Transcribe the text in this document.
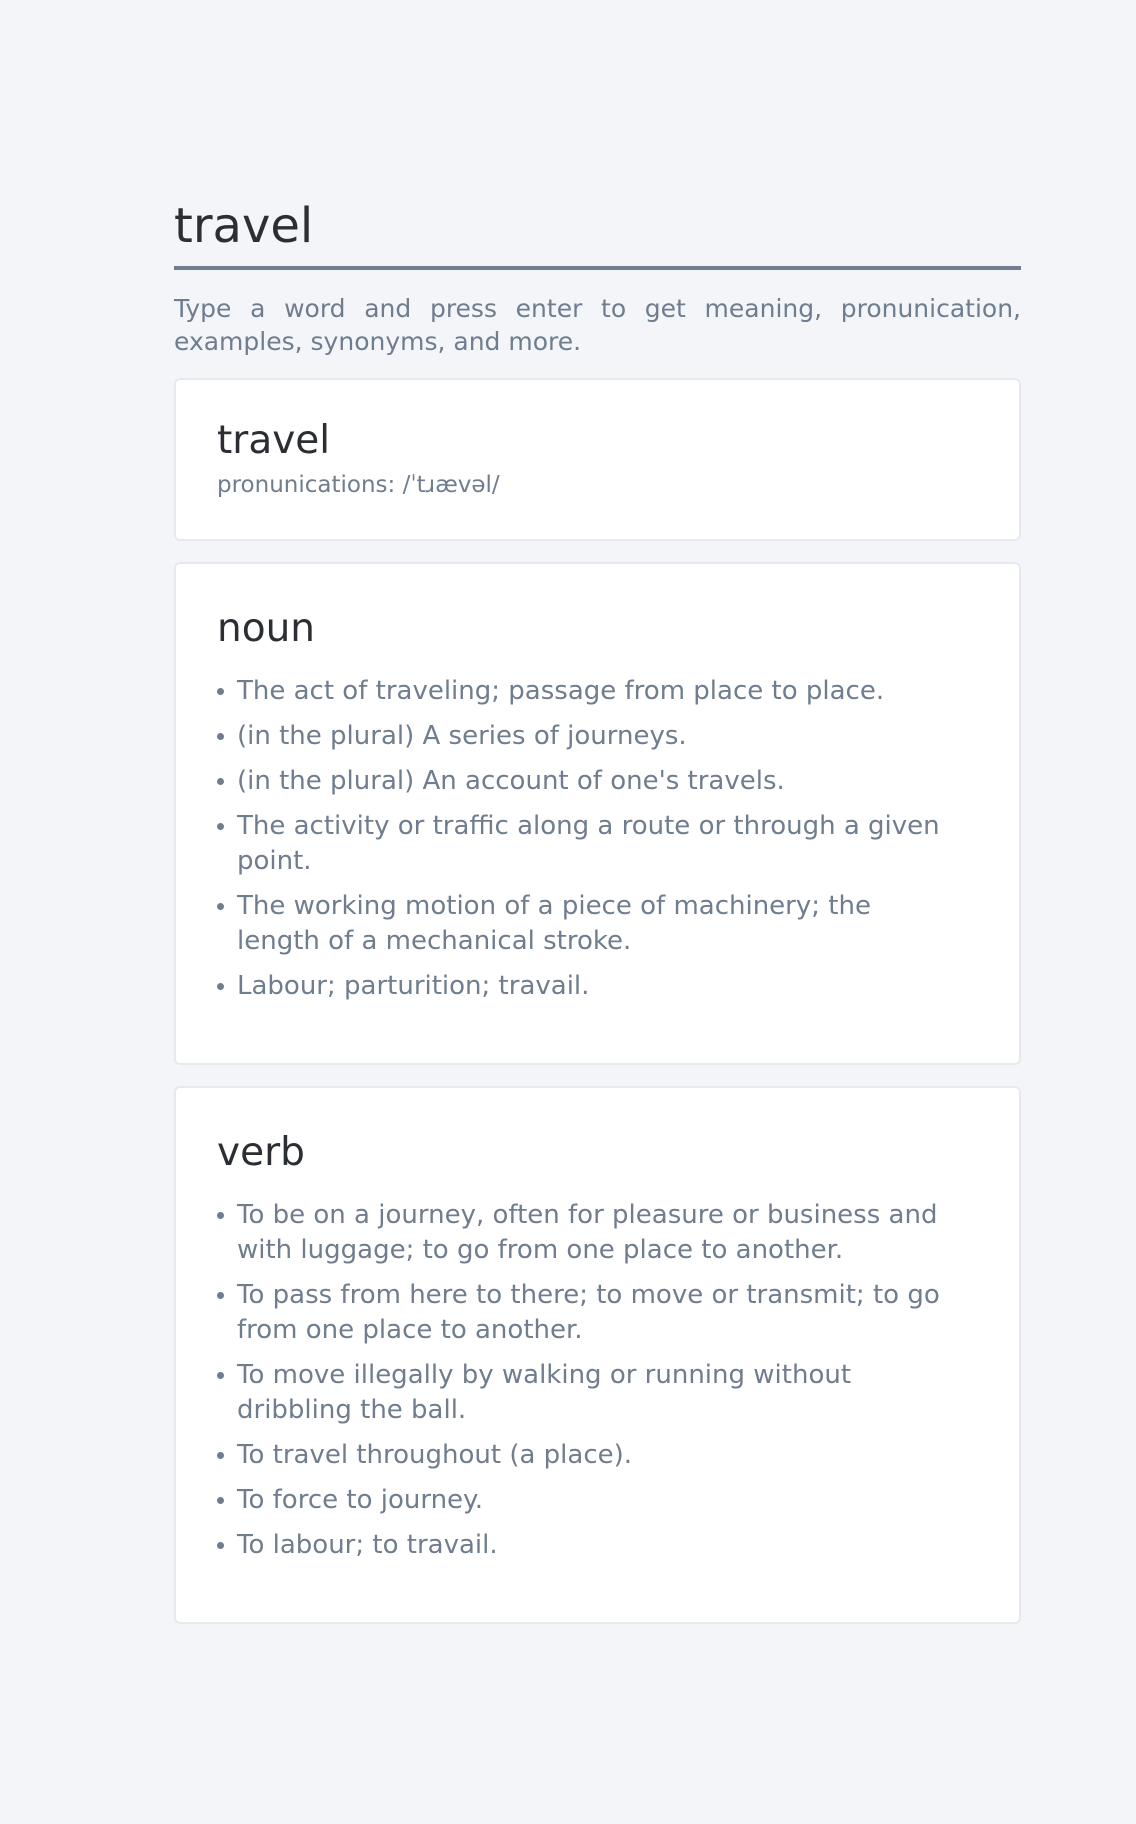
travel

Type a word and press enter to get meaning, pronunication, examples, synonyms, and more.

travel

pronunications: /ˈtɹævəl/

noun
The act of traveling; passage from place to place.
(in the plural) A series of journeys.
(in the plural) An account of one's travels.
The activity or traffic along a route or through a given point.
The working motion of a piece of machinery; the length of a mechanical stroke.
Labour; parturition; travail.
verb
To be on a journey, often for pleasure or business and with luggage; to go from one place to another.
To pass from here to there; to move or transmit; to go from one place to another.
To move illegally by walking or running without dribbling the ball.
To travel throughout (a place).
To force to journey.
To labour; to travail.
